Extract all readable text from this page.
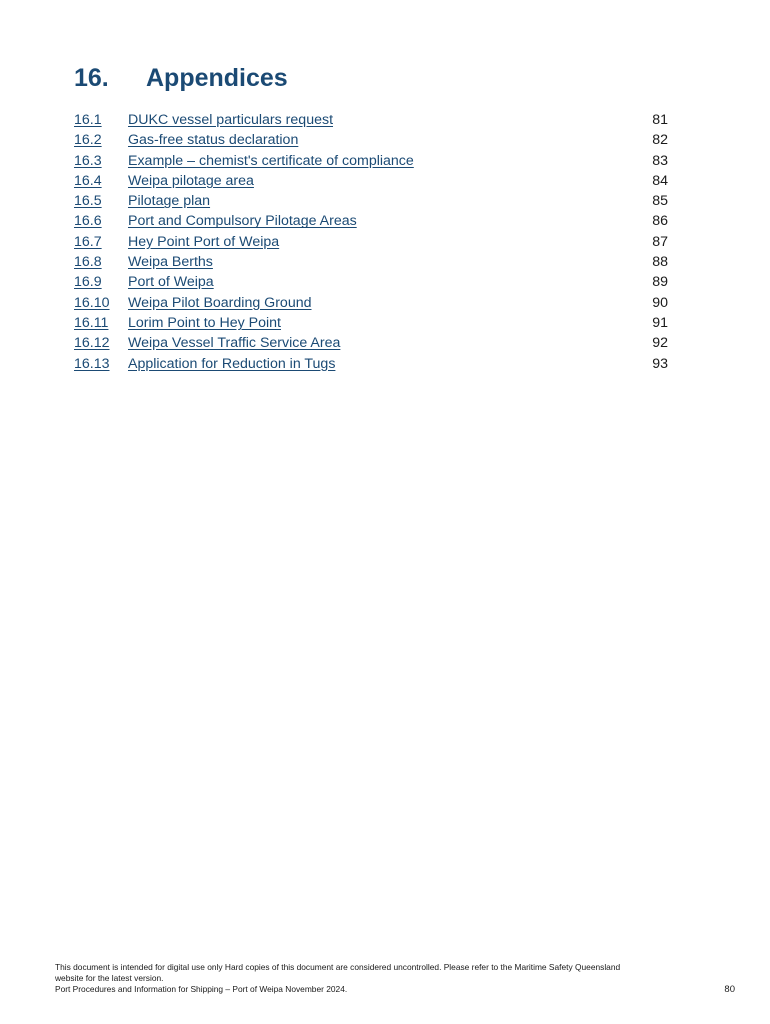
16. Appendices
16.1 DUKC vessel particulars request	81
16.2 Gas-free status declaration	82
16.3 Example – chemist's certificate of compliance	83
16.4 Weipa pilotage area	84
16.5 Pilotage plan	85
16.6 Port and Compulsory Pilotage Areas	86
16.7 Hey Point Port of Weipa	87
16.8 Weipa Berths	88
16.9 Port of Weipa	89
16.10 Weipa Pilot Boarding Ground	90
16.11 Lorim Point to Hey Point	91
16.12 Weipa Vessel Traffic Service Area	92
16.13 Application for Reduction in Tugs	93
This document is intended for digital use only Hard copies of this document are considered uncontrolled. Please refer to the Maritime Safety Queensland
website for the latest version.
Port Procedures and Information for Shipping – Port of Weipa November 2024.	80
